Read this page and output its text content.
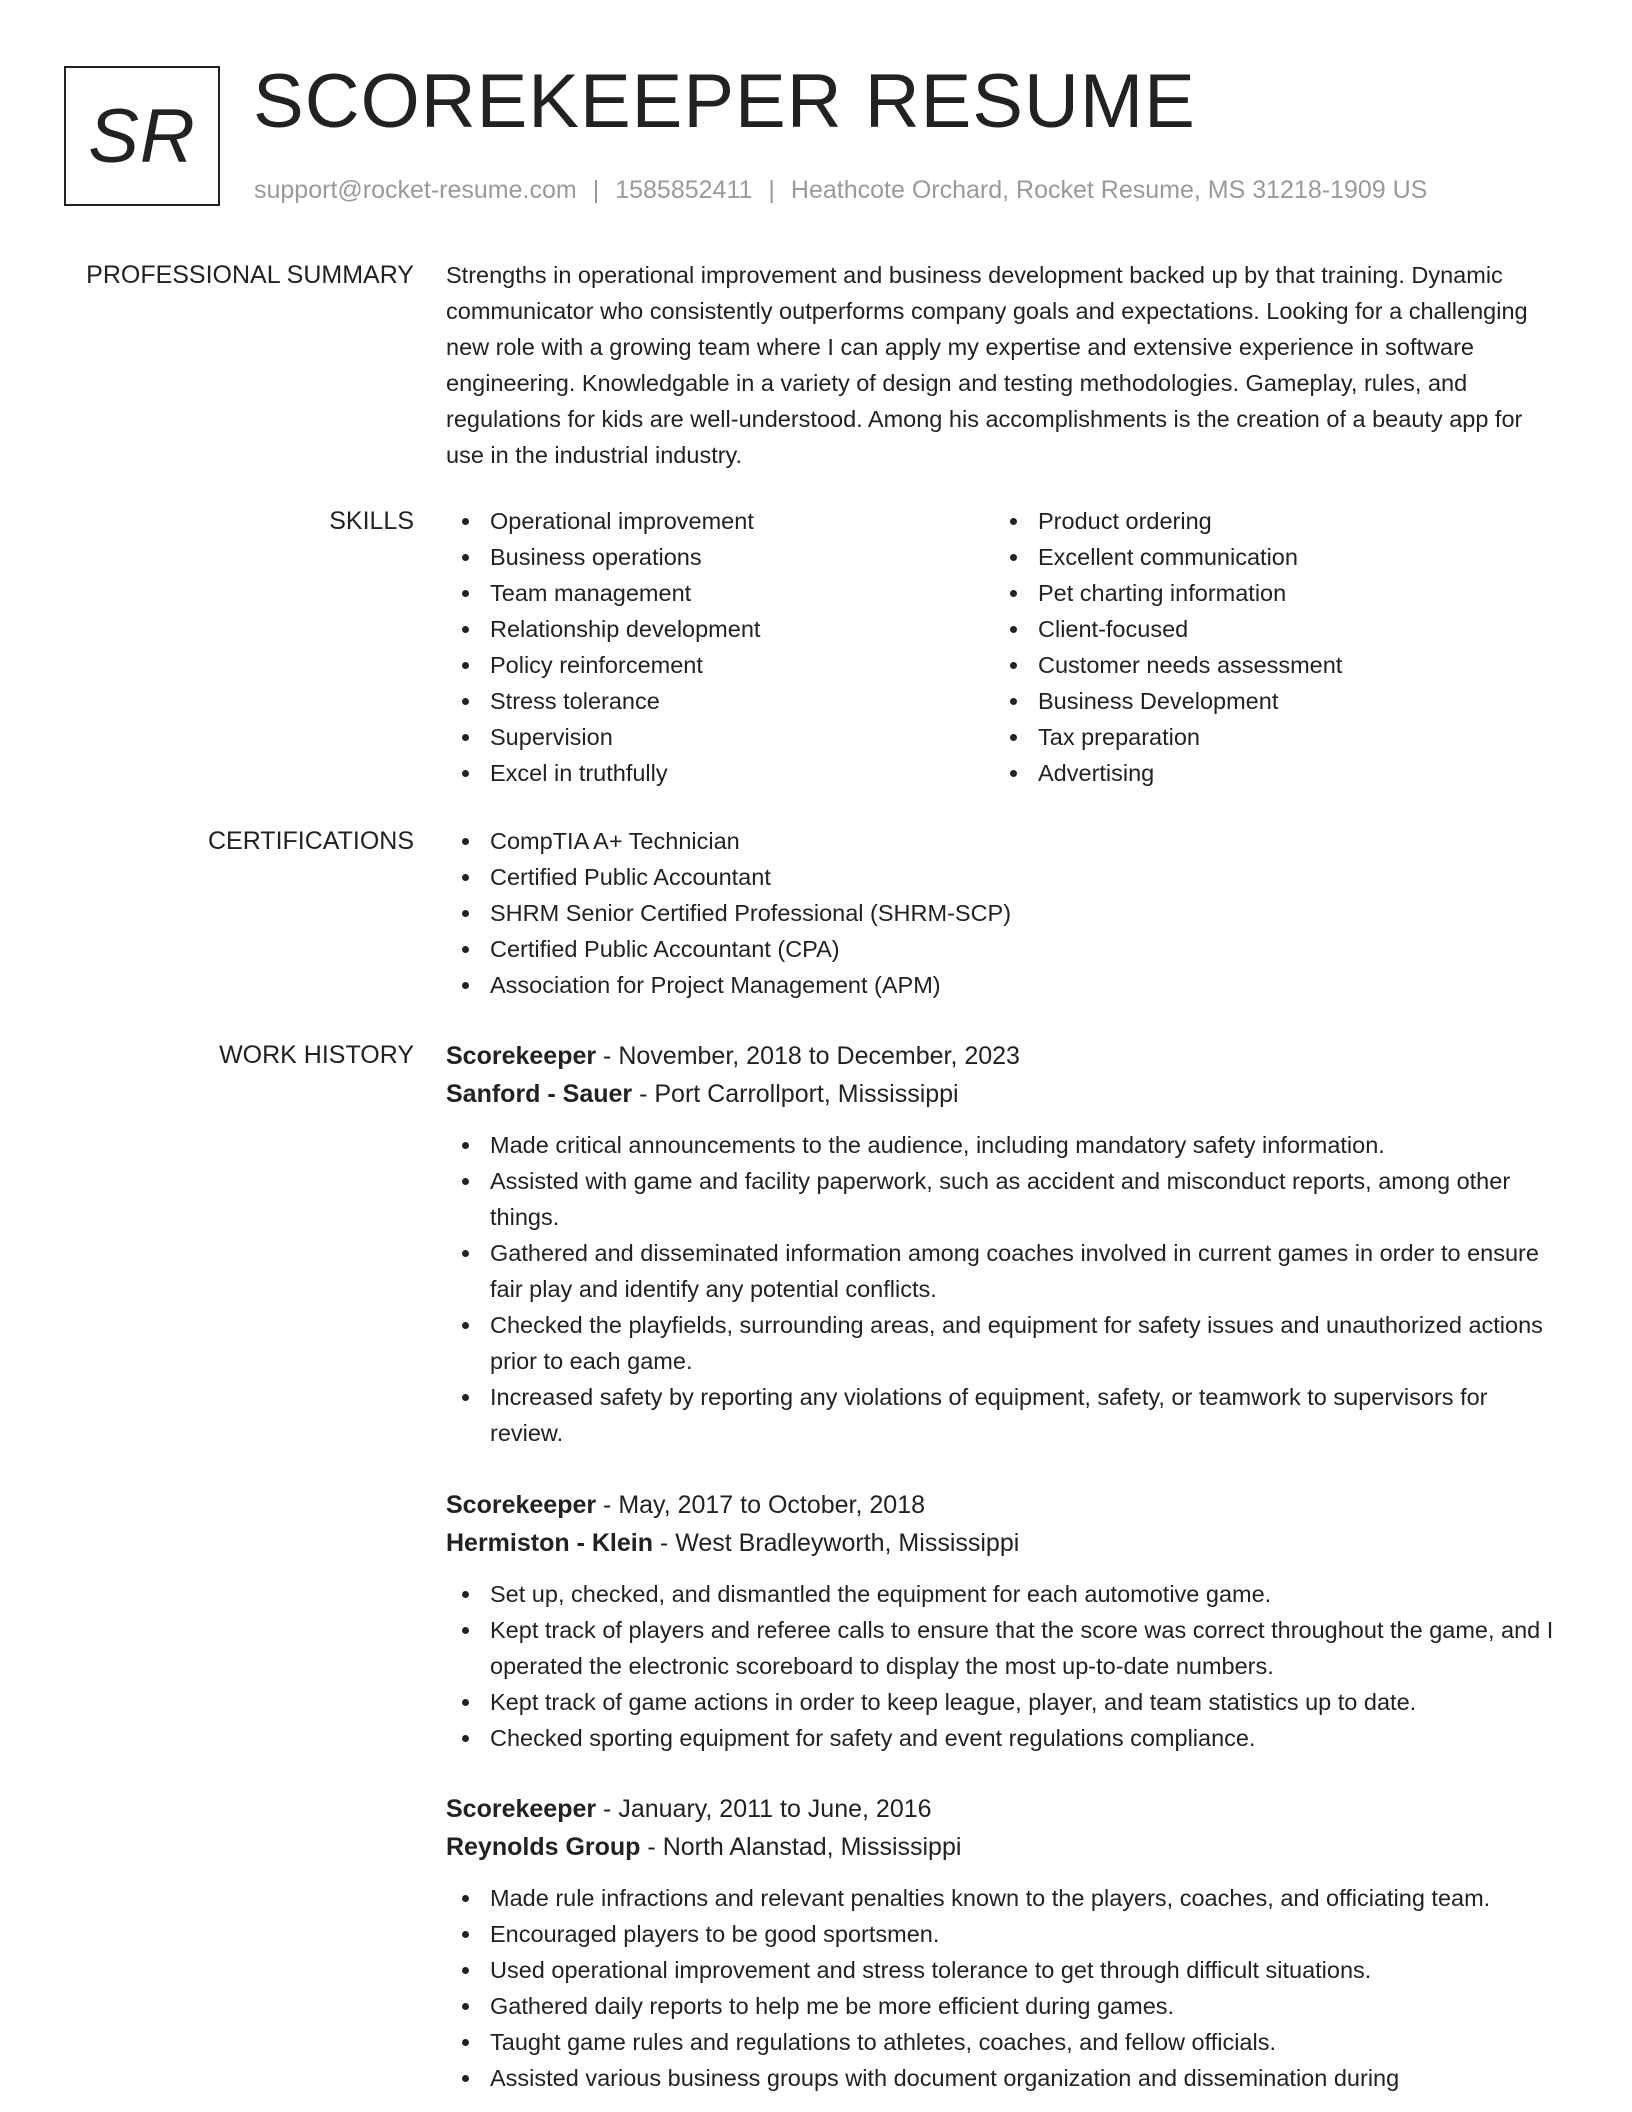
SR SCOREKEEPER RESUME
support@rocket-resume.com | 1585852411 | Heathcote Orchard, Rocket Resume, MS 31218-1909 US
PROFESSIONAL SUMMARY Strengths in operational improvement and business development backed up by that training. Dynamic communicator who consistently outperforms company goals and expectations. Looking for a challenging new role with a growing team where I can apply my expertise and extensive experience in software engineering. Knowledgable in a variety of design and testing methodologies. Gameplay, rules, and regulations for kids are well-understood. Among his accomplishments is the creation of a beauty app for use in the industrial industry.

SKILLS	Operational improvement
Business operations
Team management
Relationship development
Policy reinforcement
Stress tolerance
Supervision
Excel in truthfully
Product ordering
Excellent communication
Pet charting information
Client-focused
Customer needs assessment
Business Development
Tax preparation
Advertising
CERTIFICATIONS	CompTIA A+ Technician
Certified Public Accountant
SHRM Senior Certified Professional (SHRM-SCP)
Certified Public Accountant (CPA)
Association for Project Management (APM)
WORK HISTORY Scorekeeper - November, 2018 to December, 2023
Sanford - Sauer - Port Carrollport, Mississippi
Made critical announcements to the audience, including mandatory safety information.
Assisted with game and facility paperwork, such as accident and misconduct reports, among other things.
Gathered and disseminated information among coaches involved in current games in order to ensure fair play and identify any potential conflicts.
Checked the playfields, surrounding areas, and equipment for safety issues and unauthorized actions prior to each game.
Increased safety by reporting any violations of equipment, safety, or teamwork to supervisors for review.
Scorekeeper - May, 2017 to October, 2018
Hermiston - Klein - West Bradleyworth, Mississippi
Set up, checked, and dismantled the equipment for each automotive game.
Kept track of players and referee calls to ensure that the score was correct throughout the game, and I operated the electronic scoreboard to display the most up-to-date numbers.
Kept track of game actions in order to keep league, player, and team statistics up to date.
Checked sporting equipment for safety and event regulations compliance.
Scorekeeper - January, 2011 to June, 2016
Reynolds Group - North Alanstad, Mississippi
Made rule infractions and relevant penalties known to the players, coaches, and officiating team.
Encouraged players to be good sportsmen.
Used operational improvement and stress tolerance to get through difficult situations.
Gathered daily reports to help me be more efficient during games.
Taught game rules and regulations to athletes, coaches, and fellow officials.
Assisted various business groups with document organization and dissemination during
